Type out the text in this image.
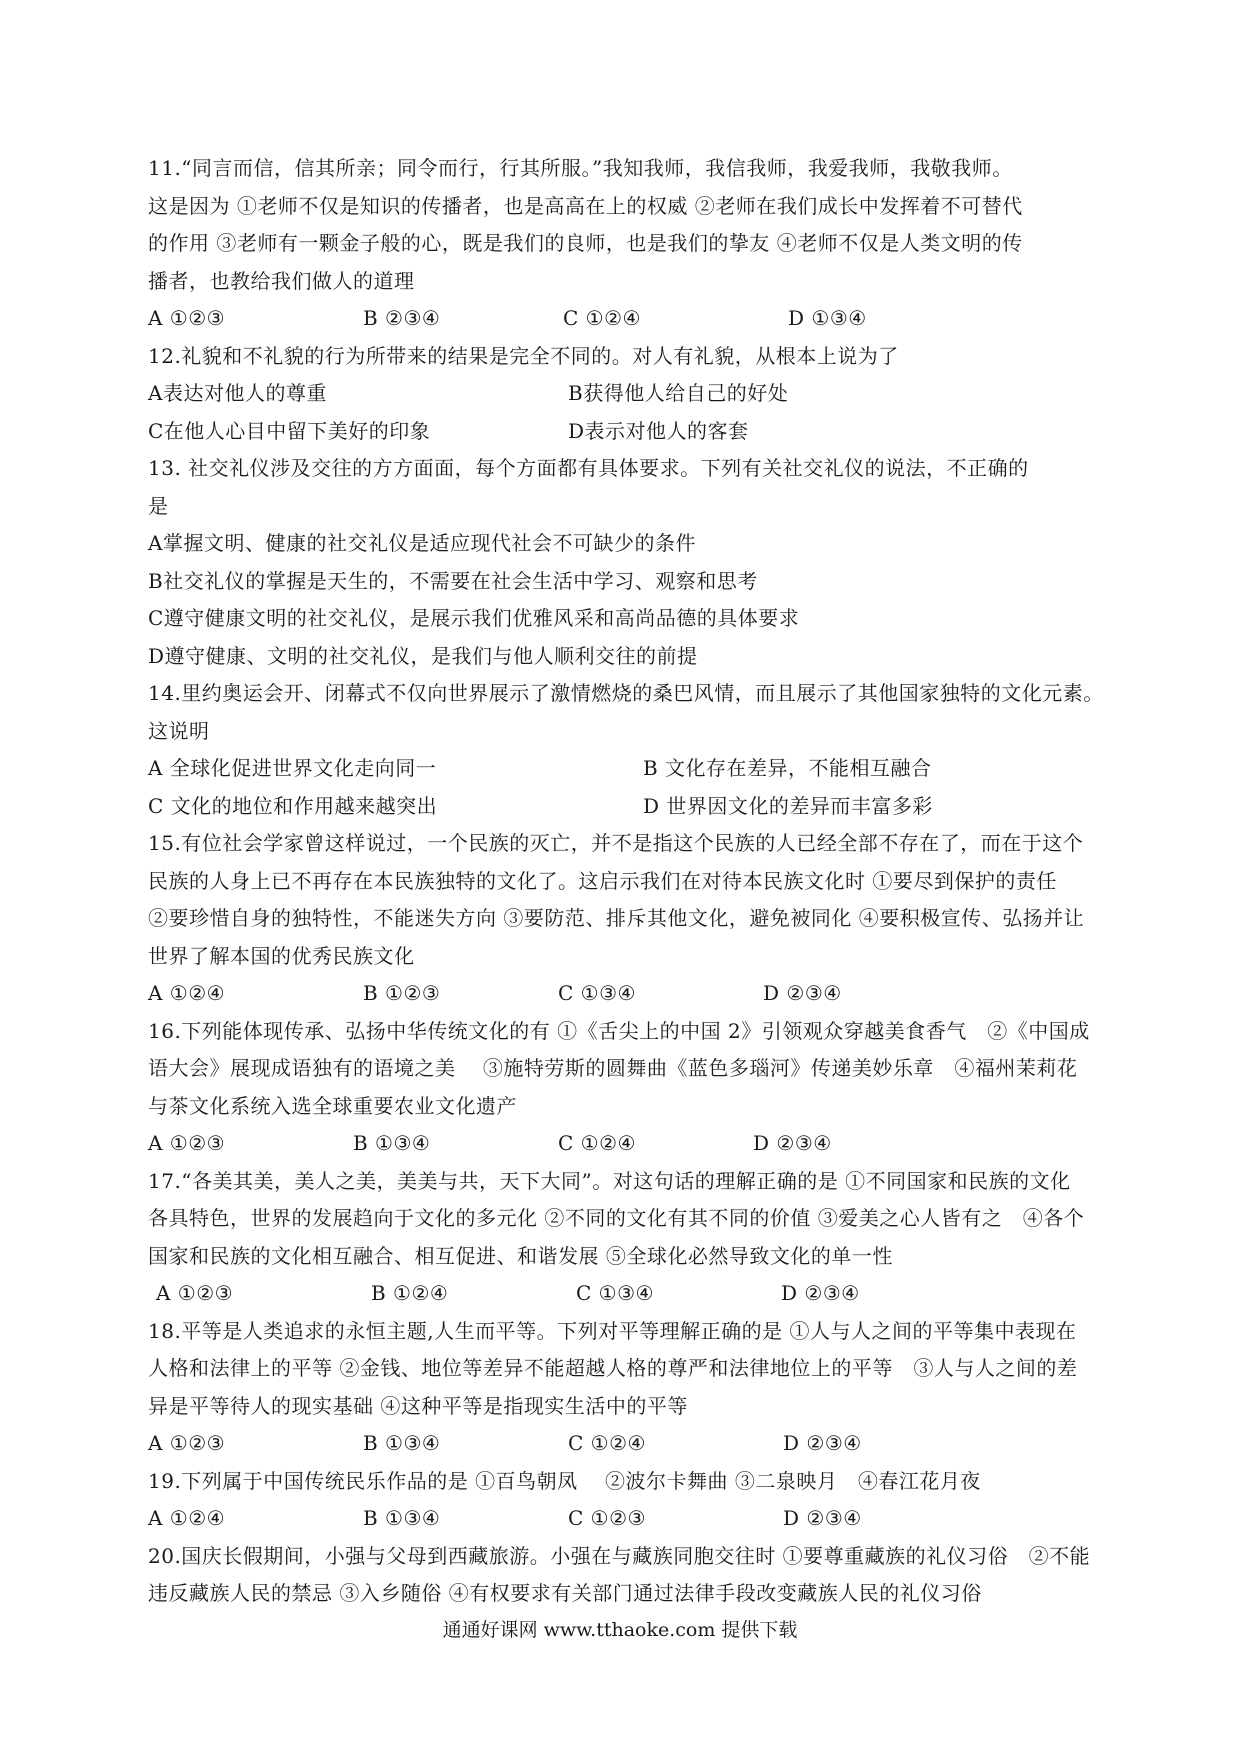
11.“同言而信，信其所亲；同令而行，行其所服。”我知我师，我信我师，我爱我师，我敬我师。
这是因为 ①老师不仅是知识的传播者，也是高高在上的权威 ②老师在我们成长中发挥着不可替代
的作用 ③老师有一颗金子般的心，既是我们的良师，也是我们的挚友 ④老师不仅是人类文明的传
播者，也教给我们做人的道理
A ①②③	B ②③④	C ①②④	D ①③④
12.礼貌和不礼貌的行为所带来的结果是完全不同的。对人有礼貌，从根本上说为了
A表达对他人的尊重	B获得他人给自己的好处
C在他人心目中留下美好的印象	D表示对他人的客套
13. 社交礼仪涉及交往的方方面面，每个方面都有具体要求。下列有关社交礼仪的说法，不正确的
是
A掌握文明、健康的社交礼仪是适应现代社会不可缺少的条件
B社交礼仪的掌握是天生的，不需要在社会生活中学习、观察和思考
C遵守健康文明的社交礼仪，是展示我们优雅风采和高尚品德的具体要求
D遵守健康、文明的社交礼仪，是我们与他人顺利交往的前提
14.里约奥运会开、闭幕式不仅向世界展示了激情燃烧的桑巴风情，而且展示了其他国家独特的文化元素。
这说明
A 全球化促进世界文化走向同一	B 文化存在差异，不能相互融合
C 文化的地位和作用越来越突出	D 世界因文化的差异而丰富多彩
15.有位社会学家曾这样说过，一个民族的灭亡，并不是指这个民族的人已经全部不存在了，而在于这个
民族的人身上已不再存在本民族独特的文化了。这启示我们在对待本民族文化时 ①要尽到保护的责任
②要珍惜自身的独特性，不能迷失方向 ③要防范、排斥其他文化，避免被同化 ④要积极宣传、弘扬并让
世界了解本国的优秀民族文化
A ①②④	B ①②③	C ①③④	D ②③④
16.下列能体现传承、弘扬中华传统文化的有 ①《舌尖上的中国 2》引领观众穿越美食香气　②《中国成
语大会》展现成语独有的语境之美　 ③施特劳斯的圆舞曲《蓝色多瑙河》传递美妙乐章　④福州茉莉花
与茶文化系统入选全球重要农业文化遗产
A ①②③	B ①③④	C ①②④	D ②③④
17.“各美其美，美人之美，美美与共，天下大同”。对这句话的理解正确的是 ①不同国家和民族的文化
各具特色，世界的发展趋向于文化的多元化 ②不同的文化有其不同的价值 ③爱美之心人皆有之　④各个
国家和民族的文化相互融合、相互促进、和谐发展 ⑤全球化必然导致文化的单一性
A ①②③	B ①②④	C ①③④	D ②③④
18.平等是人类追求的永恒主题,人生而平等。下列对平等理解正确的是 ①人与人之间的平等集中表现在
人格和法律上的平等 ②金钱、地位等差异不能超越人格的尊严和法律地位上的平等　③人与人之间的差
异是平等待人的现实基础 ④这种平等是指现实生活中的平等
A ①②③	B ①③④	C ①②④	D ②③④
19.下列属于中国传统民乐作品的是 ①百鸟朝凤　 ②波尔卡舞曲 ③二泉映月　④春江花月夜
A ①②④	B ①③④	C ①②③	D ②③④
20.国庆长假期间，小强与父母到西藏旅游。小强在与藏族同胞交往时 ①要尊重藏族的礼仪习俗　②不能
违反藏族人民的禁忌 ③入乡随俗 ④有权要求有关部门通过法律手段改变藏族人民的礼仪习俗
通通好课网 www.tthaoke.com 提供下载
